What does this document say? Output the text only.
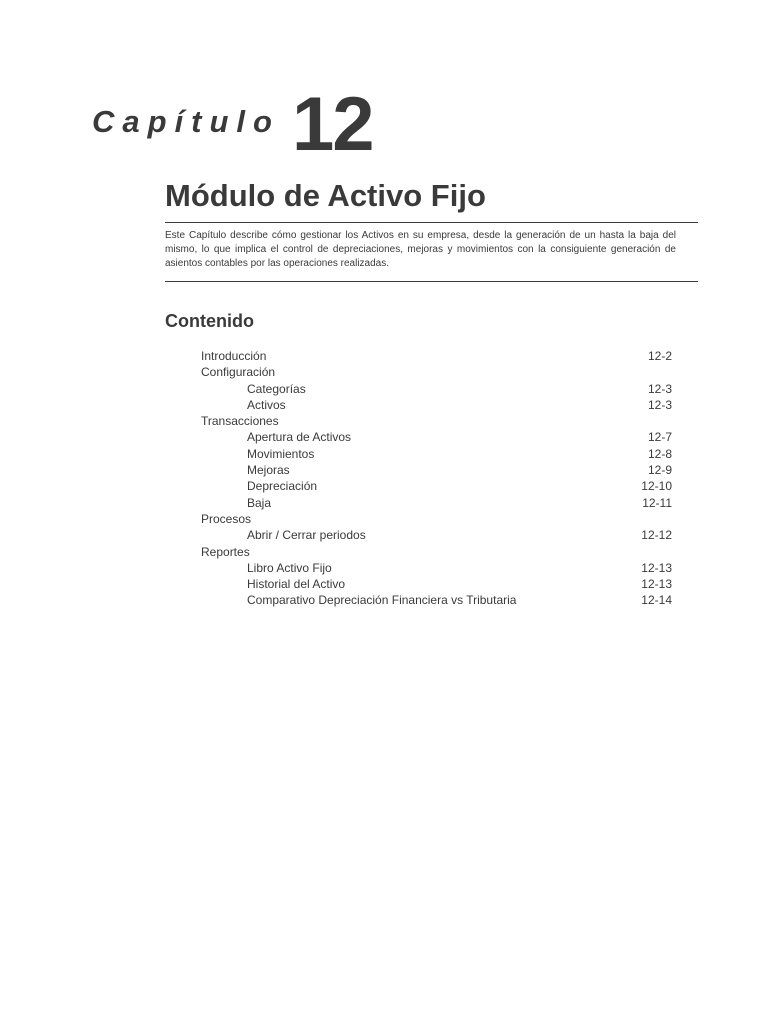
Capítulo 12
Módulo de Activo Fijo

Este Capítulo describe cómo gestionar los Activos en su empresa, desde la generación de un hasta la baja del mismo, lo que implica el control de depreciaciones, mejoras y movimientos con la consiguiente generación de asientos contables por las operaciones realizadas.

Contenido
Introducción	12-2
Configuración
Categorías	12-3
Activos	12-3
Transacciones
Apertura de Activos	12-7
Movimientos	12-8
Mejoras	12-9
Depreciación	12-10
Baja	12-11
Procesos
Abrir / Cerrar periodos	12-12
Reportes
Libro Activo Fijo	12-13
Historial del Activo	12-13
Comparativo Depreciación Financiera vs Tributaria	12-14
